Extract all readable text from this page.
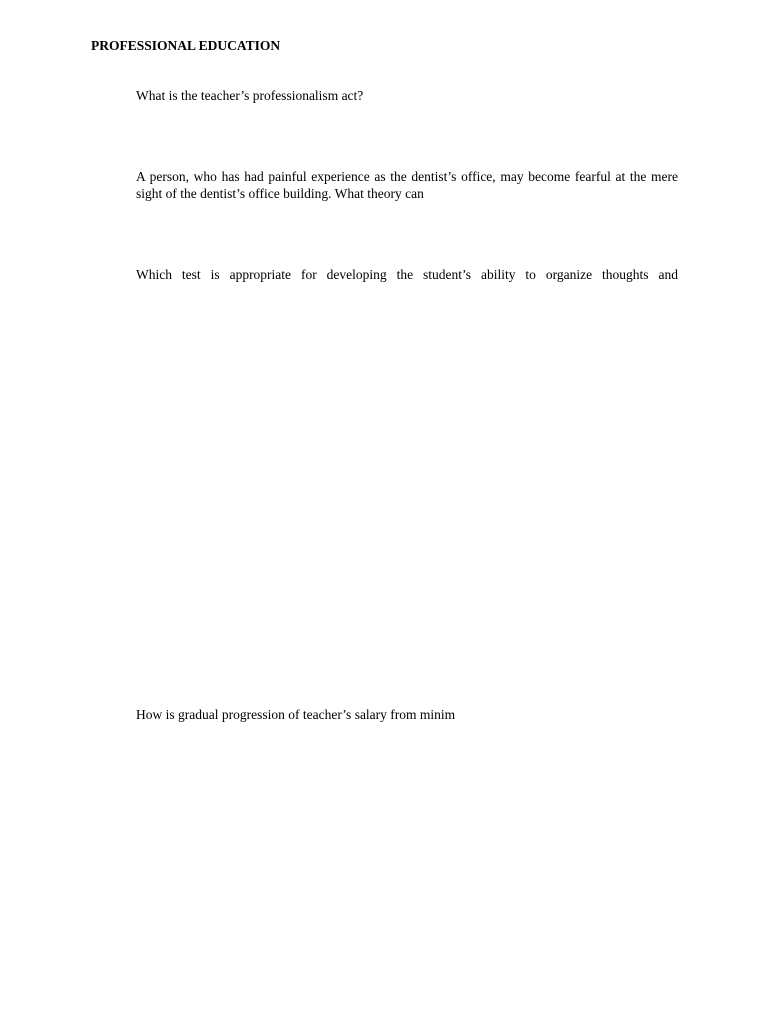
PROFESSIONAL EDUCATION
What is the teacher’s professionalism act?
A person, who has had painful experience as the dentist’s office, may become fearful at the mere sight of the dentist’s office building. What theory can
Which test is appropriate for developing the student’s ability to organize thoughts and
How is gradual progression of teacher’s salary from minim
